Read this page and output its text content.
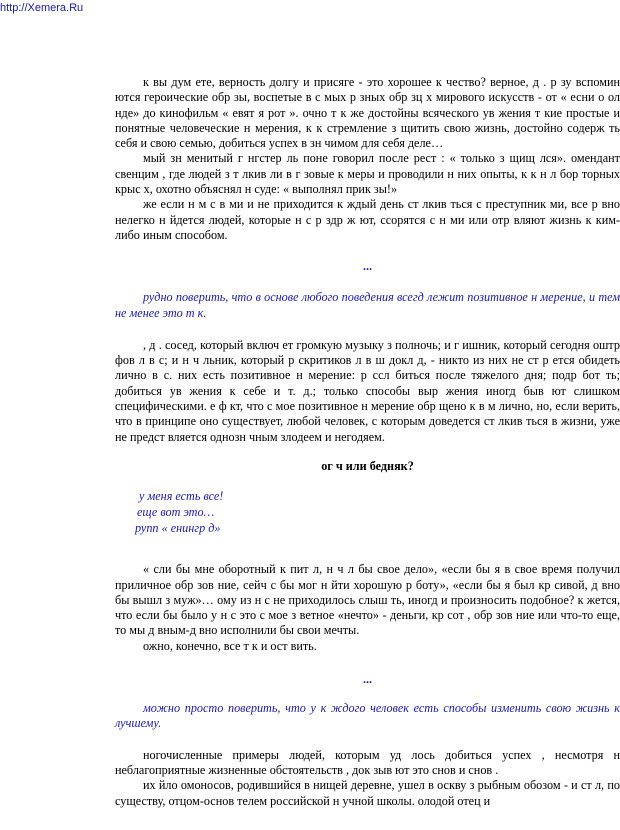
http://Xemera.Ru

к вы дум ете, верность долгу и присяге - это хорошее к чество? верное, д . р зу вспомин ются героические обр зы, воспетые в с мых р зных обр зц х мирового искусств - от « есни о ол нде» до кинофильм « евят я рот ». очно т к же достойны всяческого ув жения т кие простые и понятные человеческие н мерения, к к стремление з щитить свою жизнь, достойно содерж ть себя и свою семью, добиться успех в зн чимом для себя деле…

мый зн менитый г нгстер ль поне говорил после рест : « только з щищ лся». омендант свенцим , где людей з т лкив ли в г зовые к меры и проводили н них опыты, к к н л бор торных крыс х, охотно объяснял н суде: « выполнял прик зы!»

же если н м с в ми и не приходится к ждый день ст лкив ться с преступник ми, все р вно нелегко н йдется людей, которые н с р здр ж ют, ссорятся с н ми или отр вляют жизнь к ким-либо иным способом.

...

рудно поверить, что в основе любого поведения всегд лежит позитивное н мерение, и тем не менее это т к.

, д . сосед, который включ ет громкую музыку з полночь; и г ишник, который сегодня оштр фов л в с; и н ч льник, который р скритиков л в ш докл д, - никто из них не ст р ется обидеть лично в с. них есть позитивное н мерение: р ссл биться после тяжелого дня; подр бот ть; добиться ув жения к себе и т. д.; только способы выр жения иногд быв ют слишком специфическими. е ф кт, что с мое позитивное н мерение обр щено к в м лично, но, если верить, что в принципе оно существует, любой человек, с которым доведется ст лкив ться в жизни, уже не предст вляется однозн чным злодеем и негодяем.

ог ч или бедняк?

у меня есть все!
еще вот это…
рупп « енингр д»

« сли бы мне оборотный к пит л, н ч л бы свое дело», «если бы я в свое время получил приличное обр зов ние, сейч с бы мог н йти хорошую р боту», «если бы я был кр сивой, д вно бы вышл з муж»… ому из н с не приходилось слыш ть, иногд и произносить подобное? к жется, что если бы было у н с это с мое з ветное «нечто» - деньги, кр сот , обр зов ние или что-то еще, то мы д вным-д вно исполнили бы свои мечты.

ожно, конечно, все т к и ост вить.

...

можно просто поверить, что у к ждого человек есть способы изменить свою жизнь к лучшему.

ногочисленные примеры людей, которым уд лось добиться успех , несмотря н неблагоприятные жизненные обстоятельств , док зыв ют это снов и снов .

их йло омоносов, родившийся в нищей деревне, ушел в оскву з рыбным обозом - и ст л, по существу, отцом-основ телем российской н учной школы. олодой отец и
